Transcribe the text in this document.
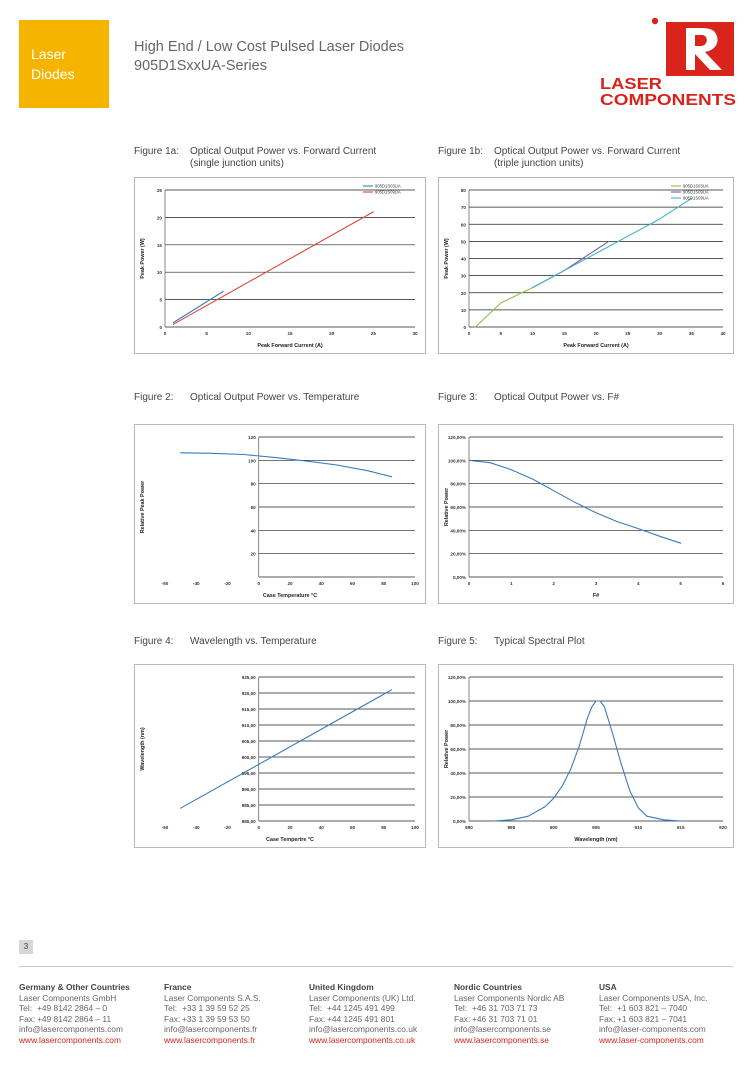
Laser
Diodes
High End / Low Cost Pulsed Laser Diodes
905D1SxxUA-Series
LASER
COMPONENTS
Figure 1a: Optical Output Power vs. Forward Current
(single junction units)
Figure 1b: Optical Output Power vs. Forward Current
(triple junction units)
Figure 2: Optical Output Power vs. Temperature	Figure 3: Optical Output Power vs. F#
Figure 4: Wavelength vs. Temperature	Figure 5: Typical Spectral Plot
0
5
10
15
20
25
0	5	10	15	20	25	30
Peak Forward Current (A)
Peak Power (W)
905D1S03UA
905D1S09UA
0
10
20
30
40
50
60
70
80
0	5	10	15	20	25	30	35	40
Peak Forward Current (A)
Peak Power (W)
905D1S03UA
905D1S09UA
905D1S09UA
20
40
60
80
100
120
-60	-40	-20	0	20	40	60	80	100
Case Temperature °C
Relative Peak Power
0,00%
20,00%
40,00%
60,00%
80,00%
100,00%
120,00%
0	1	2	3	4	5	6
F#
Relative Power
880,00
885,00
890,00
895,00
900,00
905,00
910,00
915,00
920,00
925,00
-60	-40	-20	0	20	40	60	80	100
Case Tempertre °C
Wavelength (nm)
0,00%
20,00%
40,00%
60,00%
80,00%
100,00%
120,00%
890	895	900	905	910	915	920
Wavelength (nm)
Relative Power
3
Germany & Other Countries
Laser Components GmbH
Tel: +49 8142 2864 – 0
Fax: +49 8142 2864 – 11
info@lasercomponents.com
www.lasercomponents.com
France
Laser Components S.A.S.
Tel: +33 1 39 59 52 25
Fax: +33 1 39 59 53 50
info@lasercomponents.fr
www.lasercomponents.fr
United Kingdom
Laser Components (UK) Ltd.
Tel: +44 1245 491 499
Fax: +44 1245 491 801
info@lasercomponents.co.uk
www.lasercomponents.co.uk
Nordic Countries
Laser Components Nordic AB
Tel: +46 31 703 71 73
Fax: +46 31 703 71 01
info@lasercomponents.se
www.lasercomponents.se
USA
Laser Components USA, Inc.
Tel: +1 603 821 – 7040
Fax: +1 603 821 – 7041
info@laser-components.com
www.laser-components.com
